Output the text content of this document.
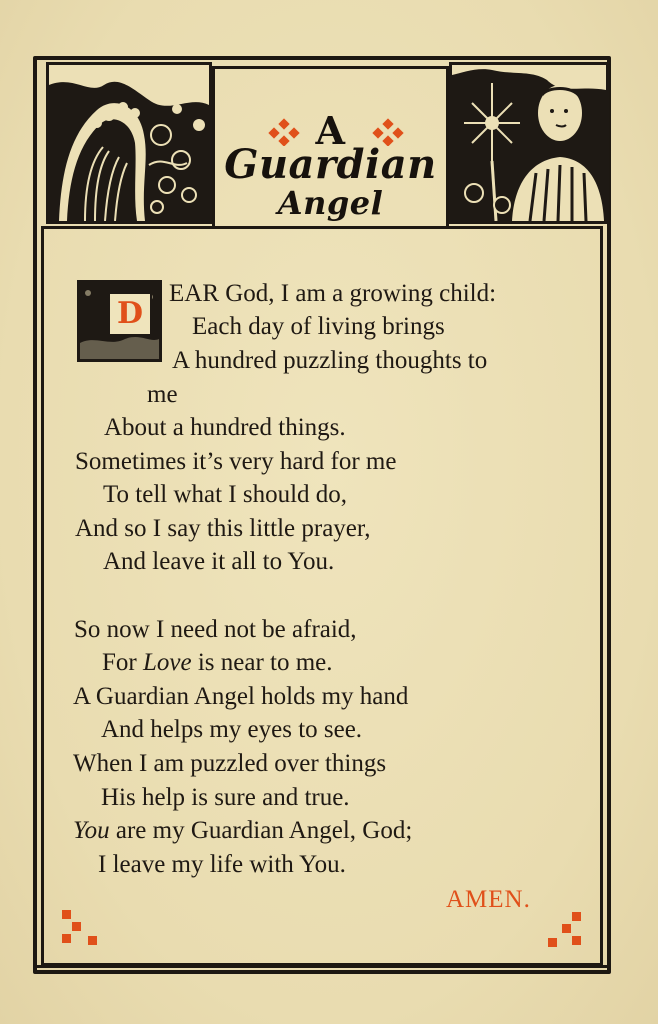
A
Guardian
Angel
D
EAR God, I am a growing child:
Each day of living brings
A hundred puzzling thoughts to
me
About a hundred things.
Sometimes it’s very hard for me
To tell what I should do,
And so I say this little prayer,
And leave it all to You.
So now I need not be afraid,
For Love is near to me.
A Guardian Angel holds my hand
And helps my eyes to see.
When I am puzzled over things
His help is sure and true.
You are my Guardian Angel, God;
I leave my life with You.
AMEN.
